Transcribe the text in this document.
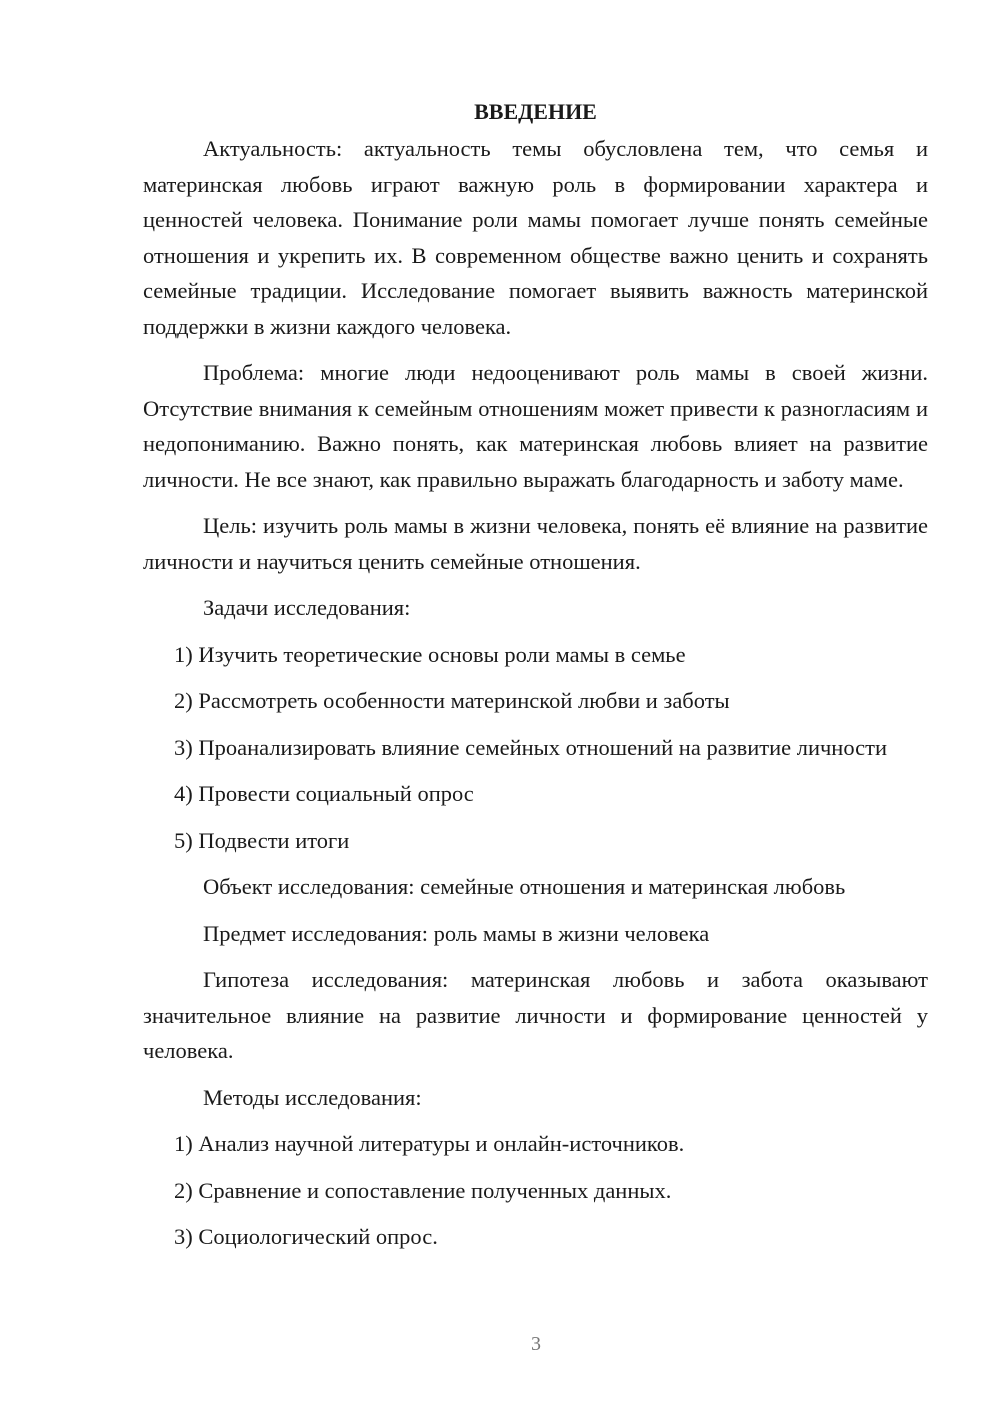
ВВЕДЕНИЕ

Актуальность: актуальность темы обусловлена тем, что семья и материнская любовь играют важную роль в формировании характера и ценностей человека. Понимание роли мамы помогает лучше понять семейные отношения и укрепить их. В современном обществе важно ценить и сохранять семейные традиции. Исследование помогает выявить важность материнской поддержки в жизни каждого человека.

Проблема: многие люди недооценивают роль мамы в своей жизни. Отсутствие внимания к семейным отношениям может привести к разногласиям и недопониманию. Важно понять, как материнская любовь влияет на развитие личности. Не все знают, как правильно выражать благодарность и заботу маме.

Цель: изучить роль мамы в жизни человека, понять её влияние на развитие личности и научиться ценить семейные отношения.

Задачи исследования:

1) Изучить теоретические основы роли мамы в семье

2) Рассмотреть особенности материнской любви и заботы

3) Проанализировать влияние семейных отношений на развитие личности

4) Провести социальный опрос

5) Подвести итоги

Объект исследования: семейные отношения и материнская любовь

Предмет исследования: роль мамы в жизни человека

Гипотеза исследования: материнская любовь и забота оказывают значительное влияние на развитие личности и формирование ценностей у человека.

Методы исследования:

1) Анализ научной литературы и онлайн-источников.

2) Сравнение и сопоставление полученных данных.

3) Социологический опрос.

3
